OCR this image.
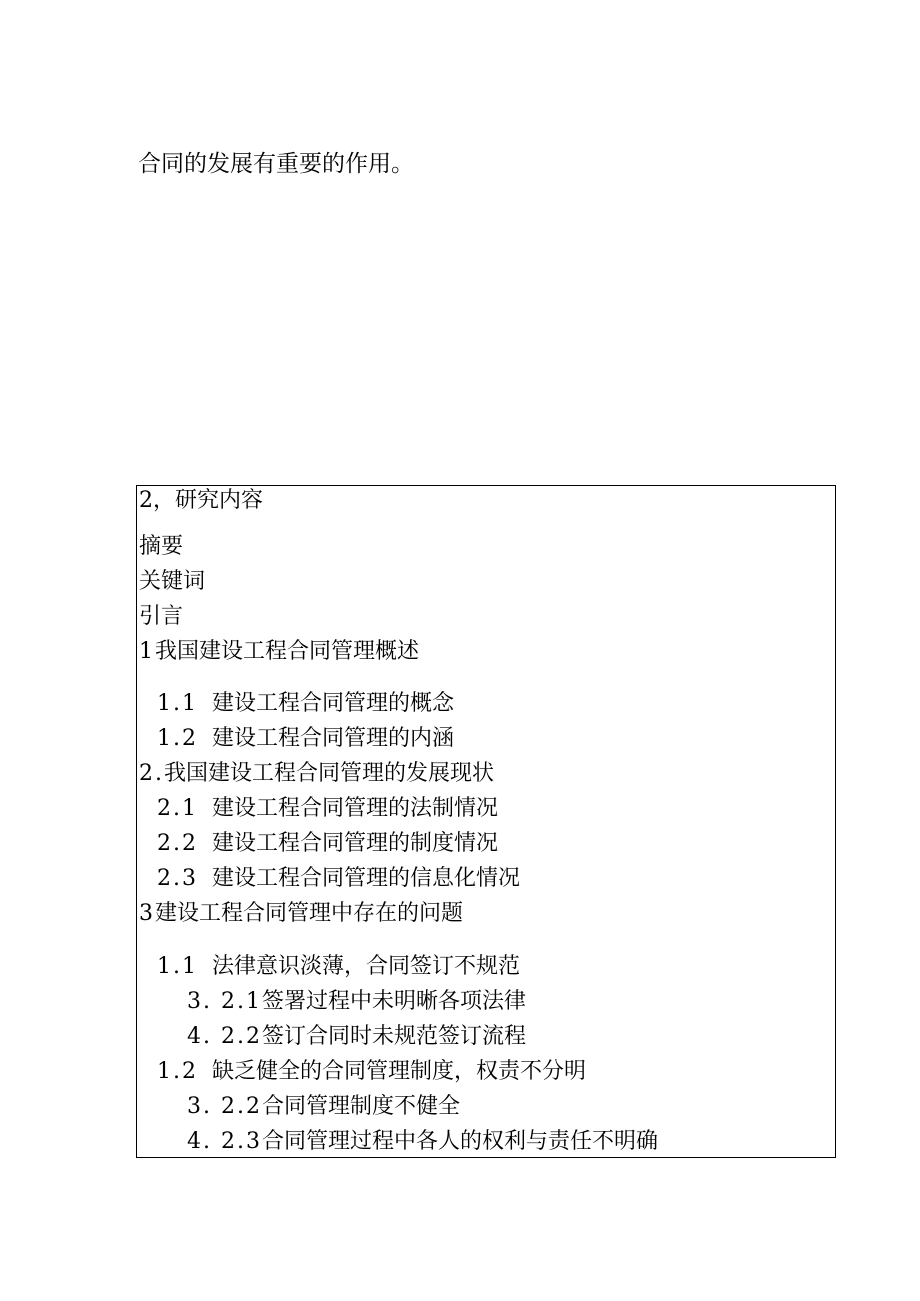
合同的发展有重要的作用。
2，研究内容
摘要
关键词
引言
1我国建设工程合同管理概述
1.1 建设工程合同管理的概念
1.2 建设工程合同管理的内涵
2.我国建设工程合同管理的发展现状
2.1 建设工程合同管理的法制情况
2.2 建设工程合同管理的制度情况
2.3 建设工程合同管理的信息化情况
3建设工程合同管理中存在的问题
1.1 法律意识淡薄，合同签订不规范
3. 2.1签署过程中未明晰各项法律
4. 2.2签订合同时未规范签订流程
1.2 缺乏健全的合同管理制度，权责不分明
3. 2.2合同管理制度不健全
4. 2.3合同管理过程中各人的权利与责任不明确
